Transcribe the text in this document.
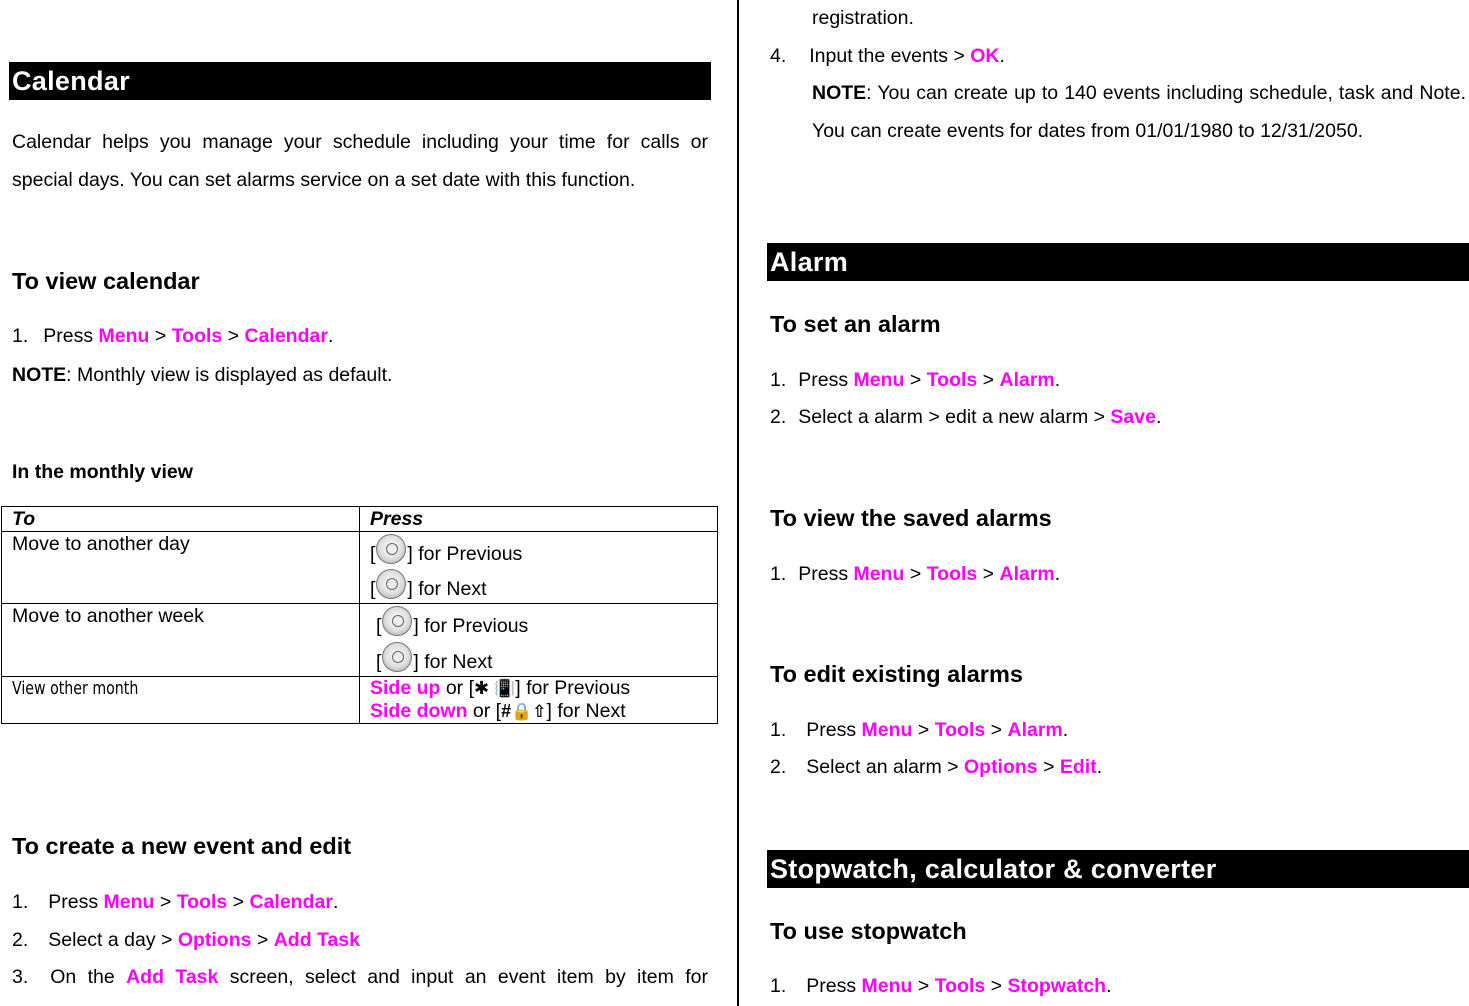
Calendar
Calendar helps you manage your schedule including your time for calls or special days. You can set alarms service on a set date with this function.
To view calendar
1. Press Menu > Tools > Calendar.
NOTE: Monthly view is displayed as default.
In the monthly view
To	Press
Move to another day	[ ] for Previous
[ ] for Next

Move to another week	[ ] for Previous
[ ] for Next

View other month	Side up or [✱ 📳] for Previous
Side down or [#🔒⇧] for Next
To create a new event and edit
1. Press Menu > Tools > Calendar.
2. Select a day > Options > Add Task
3. On the Add Task screen, select and input an event item by item for
registration.
4. Input the events > OK.
NOTE: You can create up to 140 events including schedule, task and Note. You can create events for dates from 01/01/1980 to 12/31/2050.
Alarm
To set an alarm
1. Press Menu > Tools > Alarm.
2. Select a alarm > edit a new alarm > Save.
To view the saved alarms
1. Press Menu > Tools > Alarm.
To edit existing alarms
1. Press Menu > Tools > Alarm.
2. Select an alarm > Options > Edit.
Stopwatch, calculator & converter
To use stopwatch
1. Press Menu > Tools > Stopwatch.
